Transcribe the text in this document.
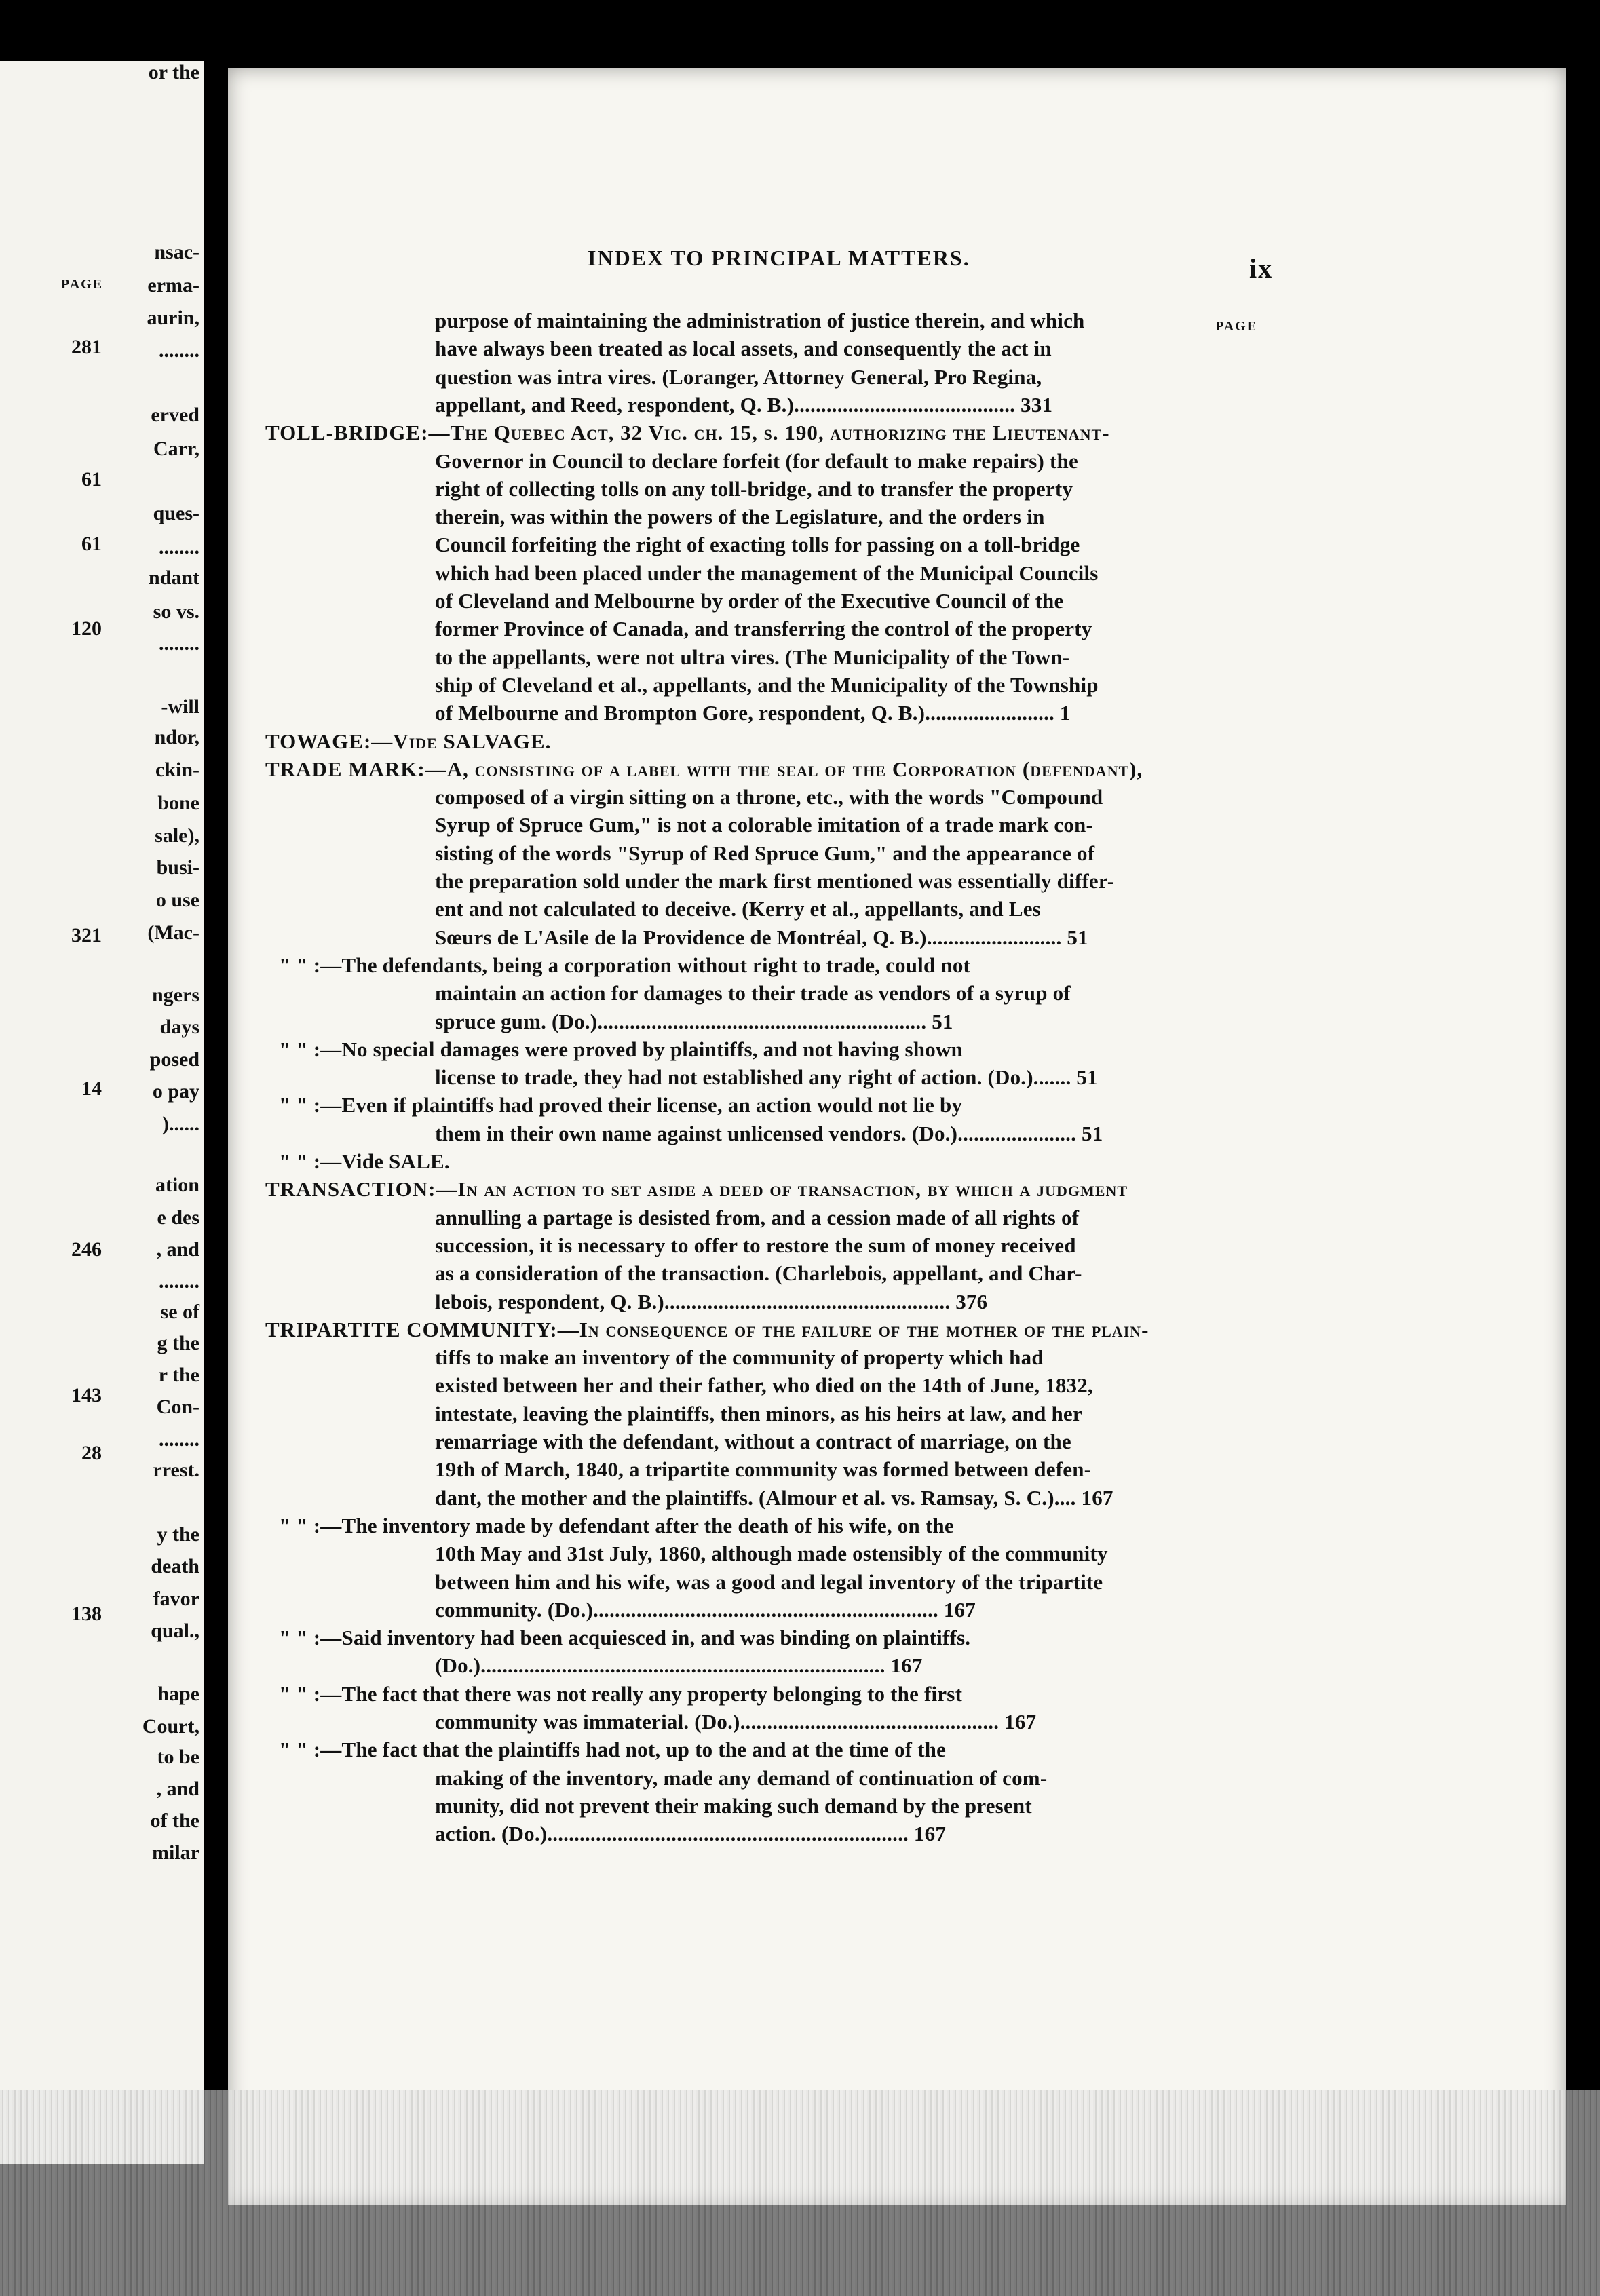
PAGE
nsac-
erma-
aurin,
........
erved
Carr,
ques-
........
ndant
so vs.
........
-will
ndor,
ckin-
bone
sale),
busi-
o use
(Mac-
ngers
days
posed
o pay
)......
ation
e des
, and
........
se of
g the
r the
Con-
........
rrest.
y the
death
favor
qual.,
hape
Court,
to be
, and
of the
milar
or the
281
61
61
120
321
14
246
143
28
138
INDEX TO PRINCIPAL MATTERS.	ix
PAGE
purpose of maintaining the administration of justice therein, and which
have always been treated as local assets, and consequently the act in
question was intra vires. (Loranger, Attorney General, Pro Regina,
appellant, and Reed, respondent, Q. B.)......................................... 331
TOLL-BRIDGE:—The Quebec Act, 32 Vic. ch. 15, s. 190, authorizing the Lieutenant-
Governor in Council to declare forfeit (for default to make repairs) the
right of collecting tolls on any toll-bridge, and to transfer the property
therein, was within the powers of the Legislature, and the orders in
Council forfeiting the right of exacting tolls for passing on a toll-bridge
which had been placed under the management of the Municipal Councils
of Cleveland and Melbourne by order of the Executive Council of the
former Province of Canada, and transferring the control of the property
to the appellants, were not ultra vires. (The Municipality of the Town-
ship of Cleveland et al., appellants, and the Municipality of the Township
of Melbourne and Brompton Gore, respondent, Q. B.)........................ 1
TOWAGE:—Vide SALVAGE.
TRADE MARK:—A, consisting of a label with the seal of the Corporation (defendant),
composed of a virgin sitting on a throne, etc., with the words "Compound
Syrup of Spruce Gum," is not a colorable imitation of a trade mark con-
sisting of the words "Syrup of Red Spruce Gum," and the appearance of
the preparation sold under the mark first mentioned was essentially differ-
ent and not calculated to deceive. (Kerry et al., appellants, and Les
Sœurs de L'Asile de la Providence de Montréal, Q. B.)......................... 51
" " :—The defendants, being a corporation without right to trade, could not
maintain an action for damages to their trade as vendors of a syrup of
spruce gum. (Do.)............................................................. 51
" " :—No special damages were proved by plaintiffs, and not having shown
license to trade, they had not established any right of action. (Do.)....... 51
" " :—Even if plaintiffs had proved their license, an action would not lie by
them in their own name against unlicensed vendors. (Do.)...................... 51
" " :—Vide SALE.
TRANSACTION:—In an action to set aside a deed of transaction, by which a judgment
annulling a partage is desisted from, and a cession made of all rights of
succession, it is necessary to offer to restore the sum of money received
as a consideration of the transaction. (Charlebois, appellant, and Char-
lebois, respondent, Q. B.)..................................................... 376
TRIPARTITE COMMUNITY:—In consequence of the failure of the mother of the plain-
tiffs to make an inventory of the community of property which had
existed between her and their father, who died on the 14th of June, 1832,
intestate, leaving the plaintiffs, then minors, as his heirs at law, and her
remarriage with the defendant, without a contract of marriage, on the
19th of March, 1840, a tripartite community was formed between defen-
dant, the mother and the plaintiffs. (Almour et al. vs. Ramsay, S. C.).... 167
" " :—The inventory made by defendant after the death of his wife, on the
10th May and 31st July, 1860, although made ostensibly of the community
between him and his wife, was a good and legal inventory of the tripartite
community. (Do.)................................................................ 167
" " :—Said inventory had been acquiesced in, and was binding on plaintiffs.
(Do.)........................................................................... 167
" " :—The fact that there was not really any property belonging to the first
community was immaterial. (Do.)................................................ 167
" " :—The fact that the plaintiffs had not, up to the and at the time of the
making of the inventory, made any demand of continuation of com-
munity, did not prevent their making such demand by the present
action. (Do.)................................................................... 167
